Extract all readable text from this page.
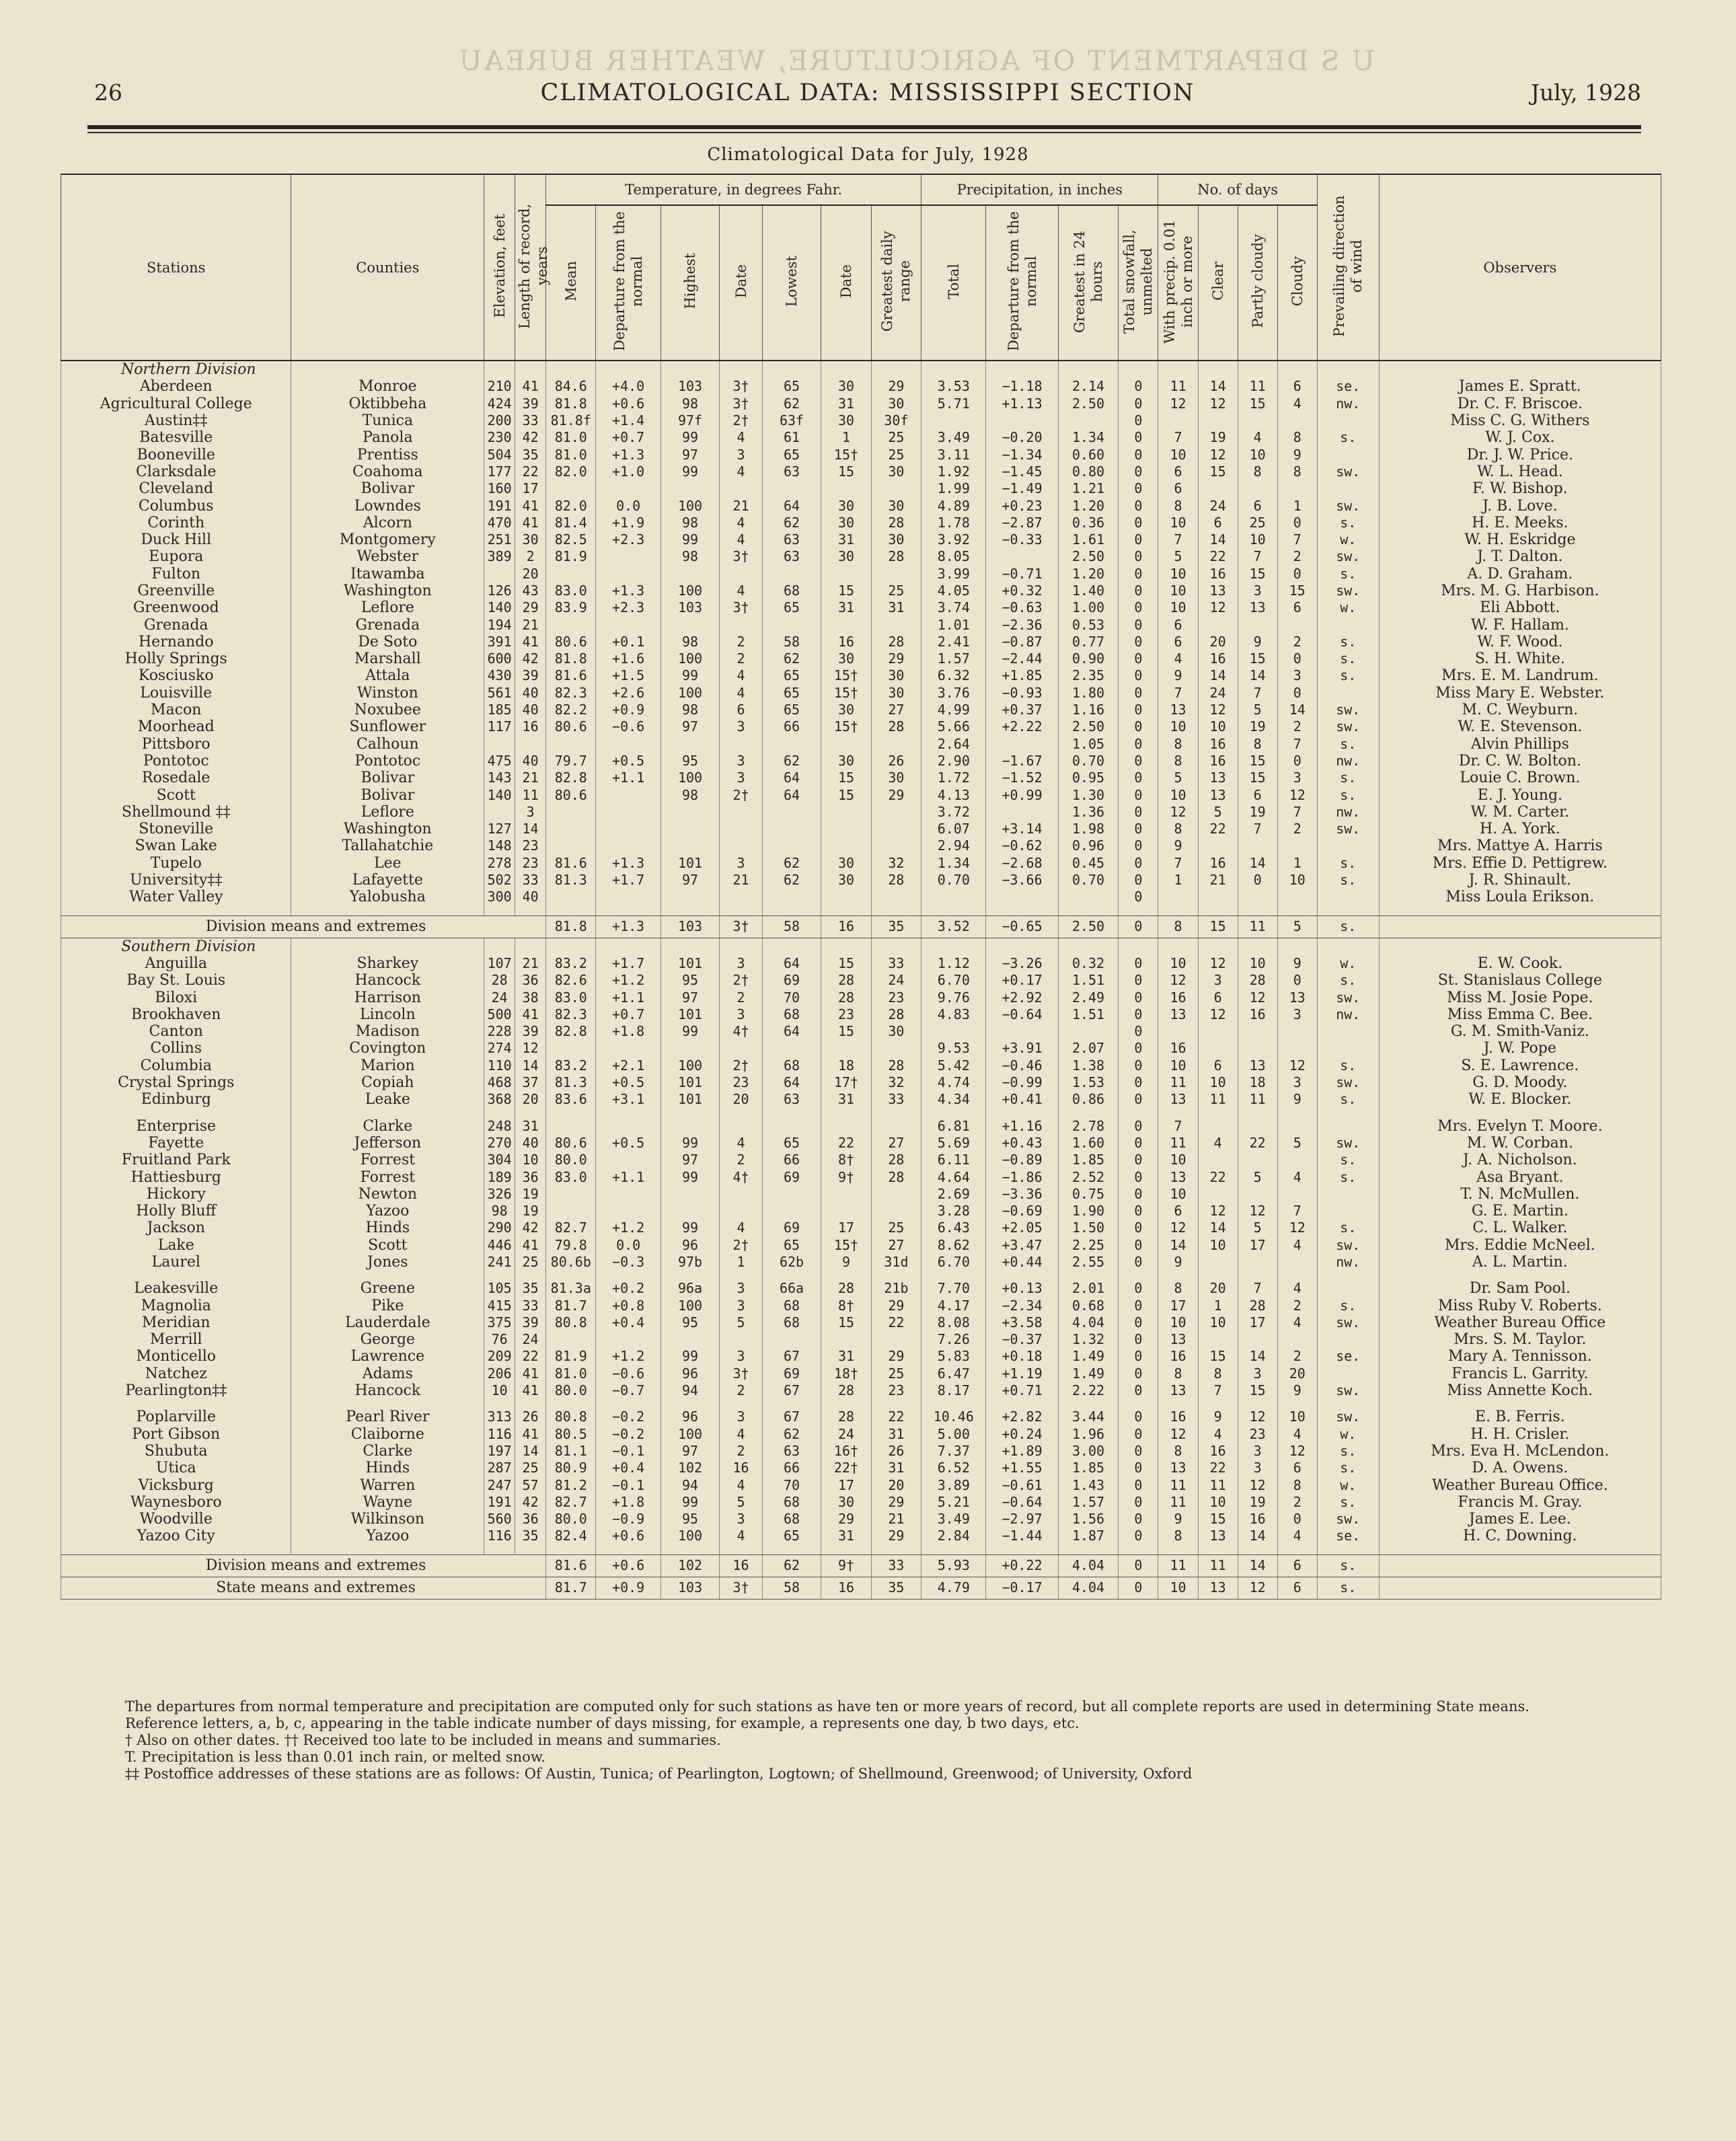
U S DEPARTMENT OF AGRICULTURE, WEATHER BUREAU
26	CLIMATOLOGICAL DATA: MISSISSIPPI SECTION	July, 1928
Climatological Data for July, 1928
Stations	Counties	Elevation, feet	Length of record, years	Temperature, in degrees Fahr.							Precipitation, in inches				No. of days				Prevailing direction of wind	Observers
				Mean	Departure from the normal	Highest	Date	Lowest	Date	Greatest daily range	Total	Departure from the normal	Greatest in 24 hours	Total snowfall, unmelted	With precip. 0.01 inch or more	Clear	Partly cloudy	Cloudy		
Northern Division																				
Aberdeen	Monroe	210	41	84.6	+4.0	103	3†	65	30	29	3.53	−1.18	2.14	0	11	14	11	6	se.	James E. Spratt.
Agricultural College	Oktibbeha	424	39	81.8	+0.6	98	3†	62	31	30	5.71	+1.13	2.50	0	12	12	15	4	nw.	Dr. C. F. Briscoe.
Austin‡‡	Tunica	200	33	81.8f	+1.4	97f	2†	63f	30	30f				0						Miss C. G. Withers
Batesville	Panola	230	42	81.0	+0.7	99	4	61	1	25	3.49	−0.20	1.34	0	7	19	4	8	s.	W. J. Cox.
Booneville	Prentiss	504	35	81.0	+1.3	97	3	65	15†	25	3.11	−1.34	0.60	0	10	12	10	9		Dr. J. W. Price.
Clarksdale	Coahoma	177	22	82.0	+1.0	99	4	63	15	30	1.92	−1.45	0.80	0	6	15	8	8	sw.	W. L. Head.
Cleveland	Bolivar	160	17								1.99	−1.49	1.21	0	6					F. W. Bishop.
Columbus	Lowndes	191	41	82.0	0.0	100	21	64	30	30	4.89	+0.23	1.20	0	8	24	6	1	sw.	J. B. Love.
Corinth	Alcorn	470	41	81.4	+1.9	98	4	62	30	28	1.78	−2.87	0.36	0	10	6	25	0	s.	H. E. Meeks.
Duck Hill	Montgomery	251	30	82.5	+2.3	99	4	63	31	30	3.92	−0.33	1.61	0	7	14	10	7	w.	W. H. Eskridge
Eupora	Webster	389	2	81.9		98	3†	63	30	28	8.05		2.50	0	5	22	7	2	sw.	J. T. Dalton.
Fulton	Itawamba		20								3.99	−0.71	1.20	0	10	16	15	0	s.	A. D. Graham.
Greenville	Washington	126	43	83.0	+1.3	100	4	68	15	25	4.05	+0.32	1.40	0	10	13	3	15	sw.	Mrs. M. G. Harbison.
Greenwood	Leflore	140	29	83.9	+2.3	103	3†	65	31	31	3.74	−0.63	1.00	0	10	12	13	6	w.	Eli Abbott.
Grenada	Grenada	194	21								1.01	−2.36	0.53	0	6					W. F. Hallam.
Hernando	De Soto	391	41	80.6	+0.1	98	2	58	16	28	2.41	−0.87	0.77	0	6	20	9	2	s.	W. F. Wood.
Holly Springs	Marshall	600	42	81.8	+1.6	100	2	62	30	29	1.57	−2.44	0.90	0	4	16	15	0	s.	S. H. White.
Kosciusko	Attala	430	39	81.6	+1.5	99	4	65	15†	30	6.32	+1.85	2.35	0	9	14	14	3	s.	Mrs. E. M. Landrum.
Louisville	Winston	561	40	82.3	+2.6	100	4	65	15†	30	3.76	−0.93	1.80	0	7	24	7	0		Miss Mary E. Webster.
Macon	Noxubee	185	40	82.2	+0.9	98	6	65	30	27	4.99	+0.37	1.16	0	13	12	5	14	sw.	M. C. Weyburn.
Moorhead	Sunflower	117	16	80.6	−0.6	97	3	66	15†	28	5.66	+2.22	2.50	0	10	10	19	2	sw.	W. E. Stevenson.
Pittsboro	Calhoun										2.64		1.05	0	8	16	8	7	s.	Alvin Phillips
Pontotoc	Pontotoc	475	40	79.7	+0.5	95	3	62	30	26	2.90	−1.67	0.70	0	8	16	15	0	nw.	Dr. C. W. Bolton.
Rosedale	Bolivar	143	21	82.8	+1.1	100	3	64	15	30	1.72	−1.52	0.95	0	5	13	15	3	s.	Louie C. Brown.
Scott	Bolivar	140	11	80.6		98	2†	64	15	29	4.13	+0.99	1.30	0	10	13	6	12	s.	E. J. Young.
Shellmound ‡‡	Leflore		3								3.72		1.36	0	12	5	19	7	nw.	W. M. Carter.
Stoneville	Washington	127	14								6.07	+3.14	1.98	0	8	22	7	2	sw.	H. A. York.
Swan Lake	Tallahatchie	148	23								2.94	−0.62	0.96	0	9					Mrs. Mattye A. Harris
Tupelo	Lee	278	23	81.6	+1.3	101	3	62	30	32	1.34	−2.68	0.45	0	7	16	14	1	s.	Mrs. Effie D. Pettigrew.
University‡‡	Lafayette	502	33	81.3	+1.7	97	21	62	30	28	0.70	−3.66	0.70	0	1	21	0	10	s.	J. R. Shinault.
Water Valley	Yalobusha	300	40											0						Miss Loula Erikson.

Division means and extremes				81.8	+1.3	103	3†	58	16	35	3.52	−0.65	2.50	0	8	15	11	5	s.	
Southern Division																				
Anguilla	Sharkey	107	21	83.2	+1.7	101	3	64	15	33	1.12	−3.26	0.32	0	10	12	10	9	w.	E. W. Cook.
Bay St. Louis	Hancock	28	36	82.6	+1.2	95	2†	69	28	24	6.70	+0.17	1.51	0	12	3	28	0	s.	St. Stanislaus College
Biloxi	Harrison	24	38	83.0	+1.1	97	2	70	28	23	9.76	+2.92	2.49	0	16	6	12	13	sw.	Miss M. Josie Pope.
Brookhaven	Lincoln	500	41	82.3	+0.7	101	3	68	23	28	4.83	−0.64	1.51	0	13	12	16	3	nw.	Miss Emma C. Bee.
Canton	Madison	228	39	82.8	+1.8	99	4†	64	15	30				0						G. M. Smith-Vaniz.
Collins	Covington	274	12								9.53	+3.91	2.07	0	16					J. W. Pope
Columbia	Marion	110	14	83.2	+2.1	100	2†	68	18	28	5.42	−0.46	1.38	0	10	6	13	12	s.	S. E. Lawrence.
Crystal Springs	Copiah	468	37	81.3	+0.5	101	23	64	17†	32	4.74	−0.99	1.53	0	11	10	18	3	sw.	G. D. Moody.
Edinburg	Leake	368	20	83.6	+3.1	101	20	63	31	33	4.34	+0.41	0.86	0	13	11	11	9	s.	W. E. Blocker.

Enterprise	Clarke	248	31								6.81	+1.16	2.78	0	7					Mrs. Evelyn T. Moore.
Fayette	Jefferson	270	40	80.6	+0.5	99	4	65	22	27	5.69	+0.43	1.60	0	11	4	22	5	sw.	M. W. Corban.
Fruitland Park	Forrest	304	10	80.0		97	2	66	8†	28	6.11	−0.89	1.85	0	10				s.	J. A. Nicholson.
Hattiesburg	Forrest	189	36	83.0	+1.1	99	4†	69	9†	28	4.64	−1.86	2.52	0	13	22	5	4	s.	Asa Bryant.
Hickory	Newton	326	19								2.69	−3.36	0.75	0	10					T. N. McMullen.
Holly Bluff	Yazoo	98	19								3.28	−0.69	1.90	0	6	12	12	7		G. E. Martin.
Jackson	Hinds	290	42	82.7	+1.2	99	4	69	17	25	6.43	+2.05	1.50	0	12	14	5	12	s.	C. L. Walker.
Lake	Scott	446	41	79.8	0.0	96	2†	65	15†	27	8.62	+3.47	2.25	0	14	10	17	4	sw.	Mrs. Eddie McNeel.
Laurel	Jones	241	25	80.6b	−0.3	97b	1	62b	9	31d	6.70	+0.44	2.55	0	9				nw.	A. L. Martin.

Leakesville	Greene	105	35	81.3a	+0.2	96a	3	66a	28	21b	7.70	+0.13	2.01	0	8	20	7	4		Dr. Sam Pool.
Magnolia	Pike	415	33	81.7	+0.8	100	3	68	8†	29	4.17	−2.34	0.68	0	17	1	28	2	s.	Miss Ruby V. Roberts.
Meridian	Lauderdale	375	39	80.8	+0.4	95	5	68	15	22	8.08	+3.58	4.04	0	10	10	17	4	sw.	Weather Bureau Office
Merrill	George	76	24								7.26	−0.37	1.32	0	13					Mrs. S. M. Taylor.
Monticello	Lawrence	209	22	81.9	+1.2	99	3	67	31	29	5.83	+0.18	1.49	0	16	15	14	2	se.	Mary A. Tennisson.
Natchez	Adams	206	41	81.0	−0.6	96	3†	69	18†	25	6.47	+1.19	1.49	0	8	8	3	20		Francis L. Garrity.
Pearlington‡‡	Hancock	10	41	80.0	−0.7	94	2	67	28	23	8.17	+0.71	2.22	0	13	7	15	9	sw.	Miss Annette Koch.

Poplarville	Pearl River	313	26	80.8	−0.2	96	3	67	28	22	10.46	+2.82	3.44	0	16	9	12	10	sw.	E. B. Ferris.
Port Gibson	Claiborne	116	41	80.5	−0.2	100	4	62	24	31	5.00	+0.24	1.96	0	12	4	23	4	w.	H. H. Crisler.
Shubuta	Clarke	197	14	81.1	−0.1	97	2	63	16†	26	7.37	+1.89	3.00	0	8	16	3	12	s.	Mrs. Eva H. McLendon.
Utica	Hinds	287	25	80.9	+0.4	102	16	66	22†	31	6.52	+1.55	1.85	0	13	22	3	6	s.	D. A. Owens.
Vicksburg	Warren	247	57	81.2	−0.1	94	4	70	17	20	3.89	−0.61	1.43	0	11	11	12	8	w.	Weather Bureau Office.
Waynesboro	Wayne	191	42	82.7	+1.8	99	5	68	30	29	5.21	−0.64	1.57	0	11	10	19	2	s.	Francis M. Gray.
Woodville	Wilkinson	560	36	80.0	−0.9	95	3	68	29	21	3.49	−2.97	1.56	0	9	15	16	0	sw.	James E. Lee.
Yazoo City	Yazoo	116	35	82.4	+0.6	100	4	65	31	29	2.84	−1.44	1.87	0	8	13	14	4	se.	H. C. Downing.

Division means and extremes				81.6	+0.6	102	16	62	9†	33	5.93	+0.22	4.04	0	11	11	14	6	s.	
State means and extremes				81.7	+0.9	103	3†	58	16	35	4.79	−0.17	4.04	0	10	13	12	6	s.	

The departures from normal temperature and precipitation are computed only for such stations as have ten or more years of record, but all complete reports are used in determining State means.

Reference letters, a, b, c, appearing in the table indicate number of days missing, for example, a represents one day, b two days, etc.

† Also on other dates. †† Received too late to be included in means and summaries.

T. Precipitation is less than 0.01 inch rain, or melted snow.

‡‡ Postoffice addresses of these stations are as follows: Of Austin, Tunica; of Pearlington, Logtown; of Shellmound, Greenwood; of University, Oxford
